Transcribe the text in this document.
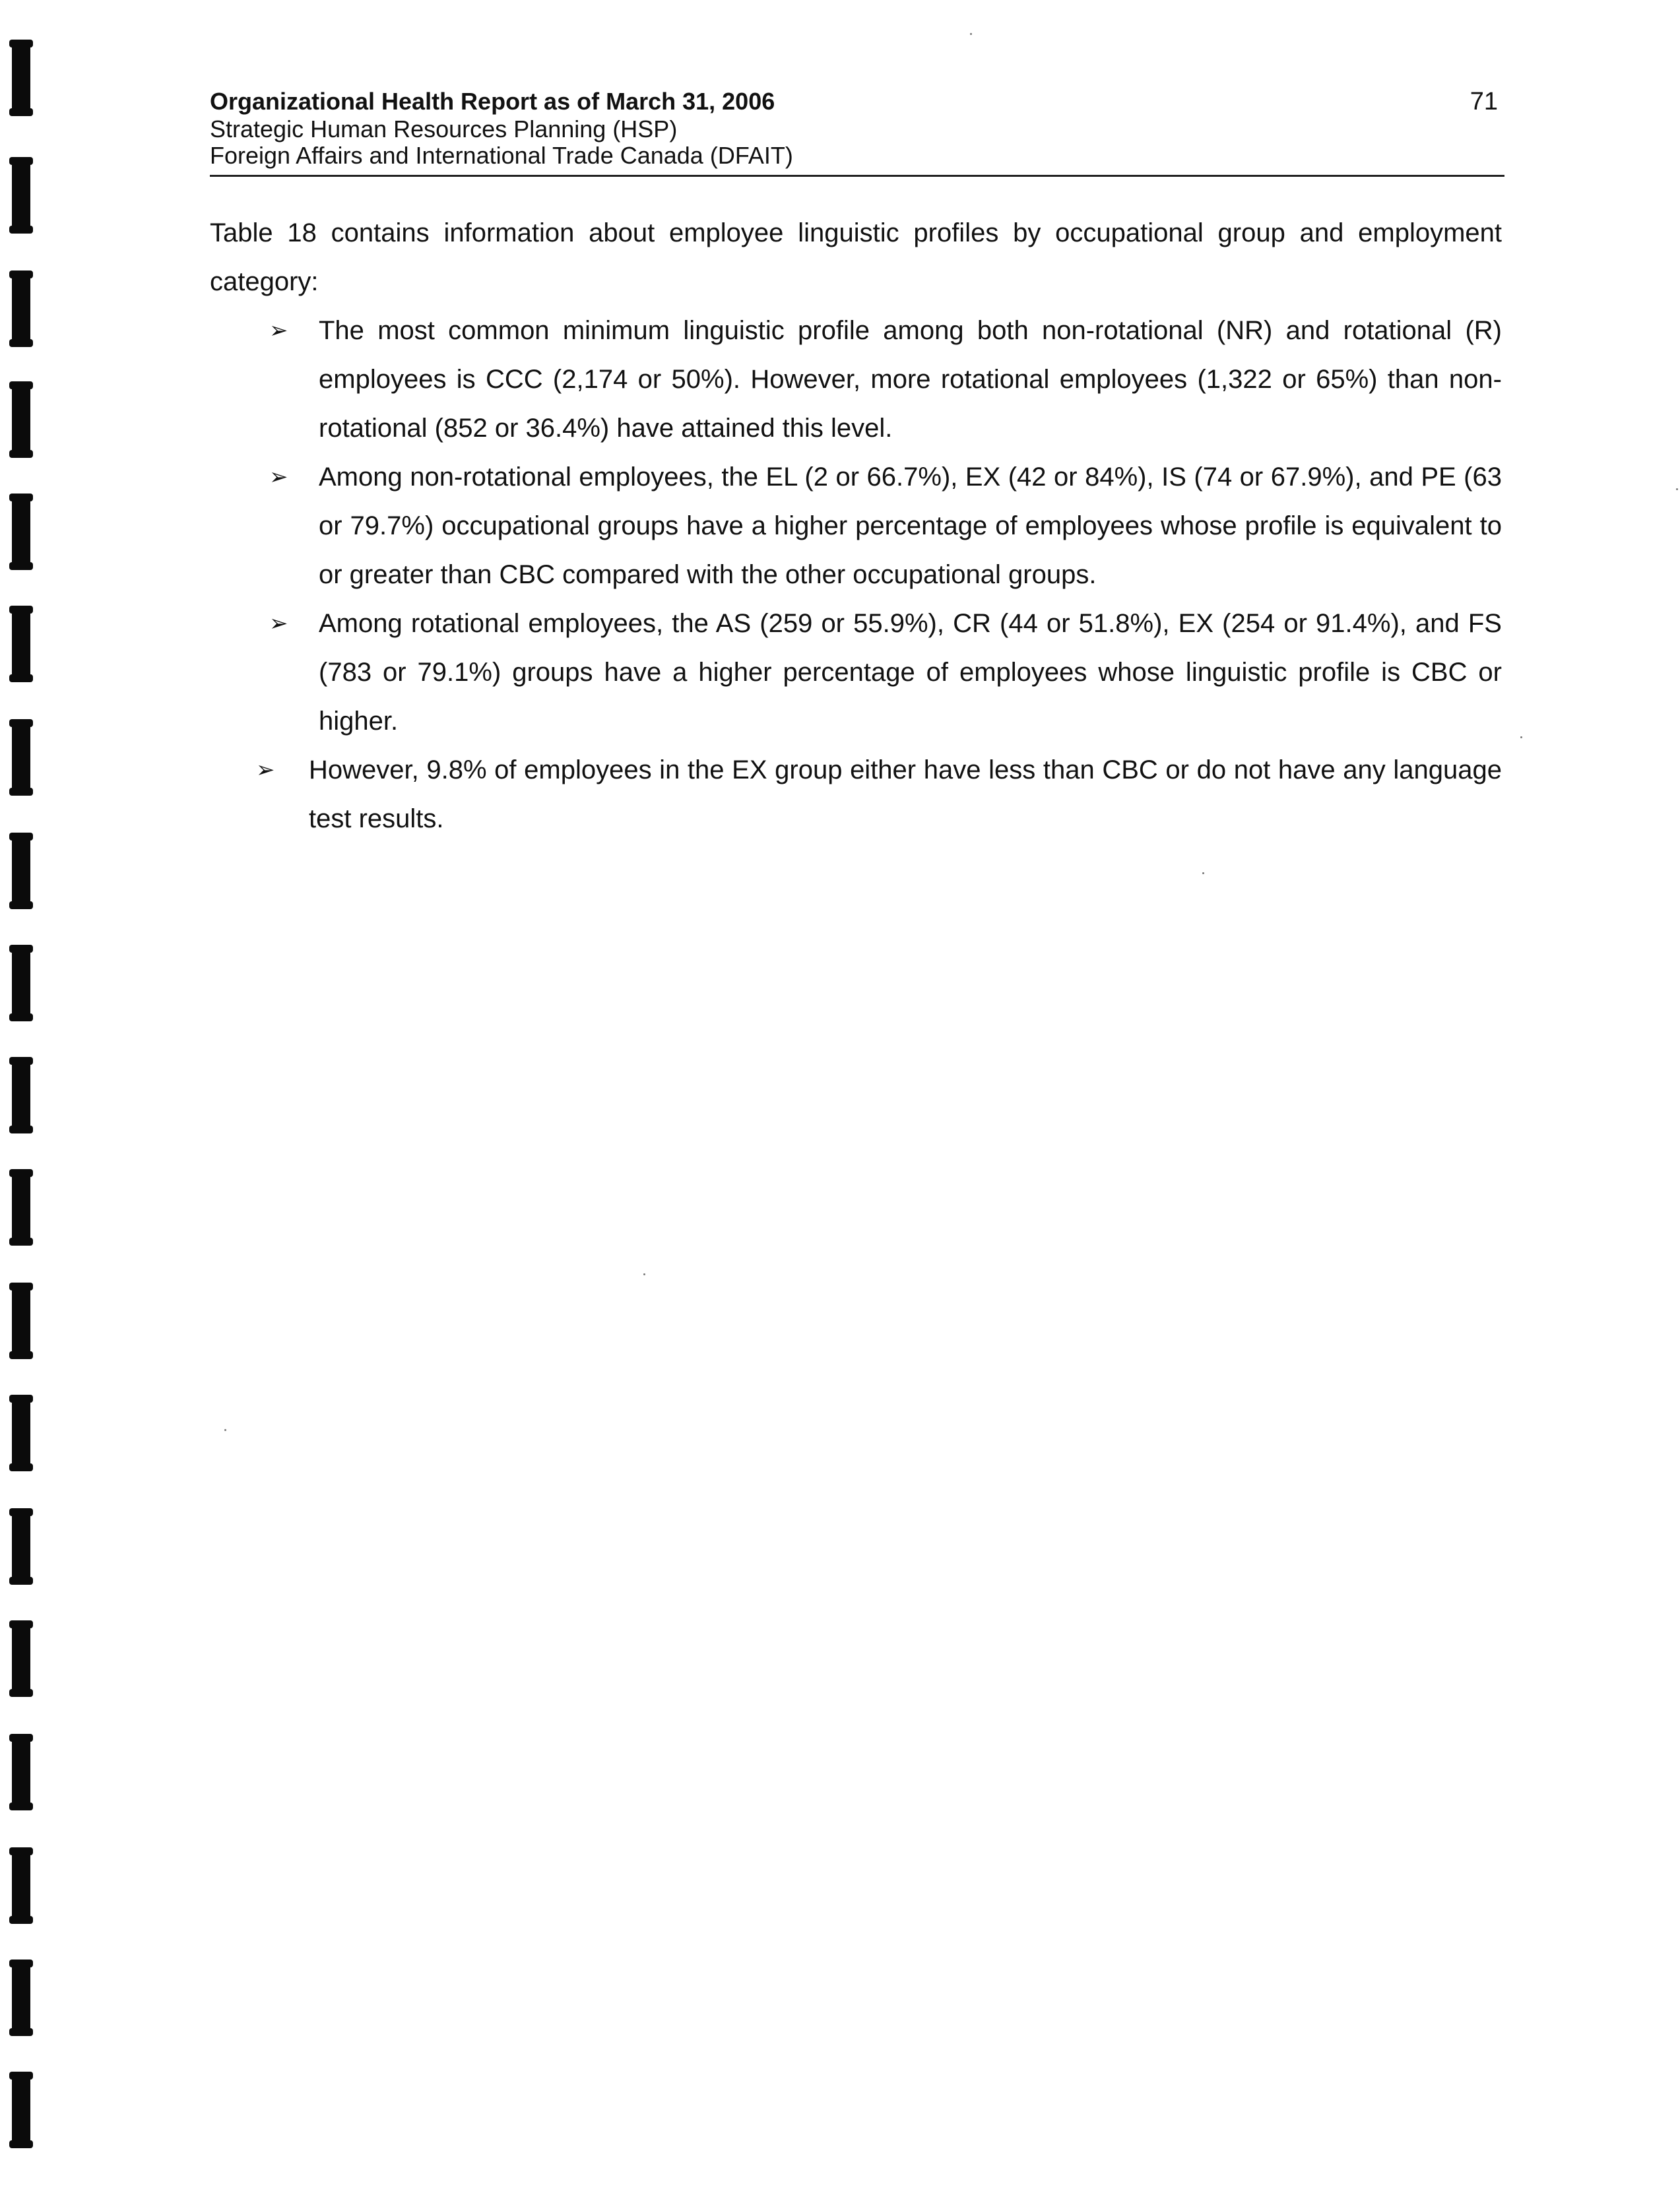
Organizational Health Report as of March 31, 2006
Strategic Human Resources Planning (HSP)
Foreign Affairs and International Trade Canada (DFAIT)
71

Table 18 contains information about employee linguistic profiles by occupational group and employment category:

➢ The most common minimum linguistic profile among both non-rotational (NR) and rotational (R) employees is CCC (2,174 or 50%). However, more rotational employees (1,322 or 65%) than non-rotational (852 or 36.4%) have attained this level.
➢ Among non-rotational employees, the EL (2 or 66.7%), EX (42 or 84%), IS (74 or 67.9%), and PE (63 or 79.7%) occupational groups have a higher percentage of employees whose profile is equivalent to or greater than CBC compared with the other occupational groups.
➢ Among rotational employees, the AS (259 or 55.9%), CR (44 or 51.8%), EX (254 or 91.4%), and FS (783 or 79.1%) groups have a higher percentage of employees whose linguistic profile is CBC or higher.
➢ However, 9.8% of employees in the EX group either have less than CBC or do not have any language test results.
